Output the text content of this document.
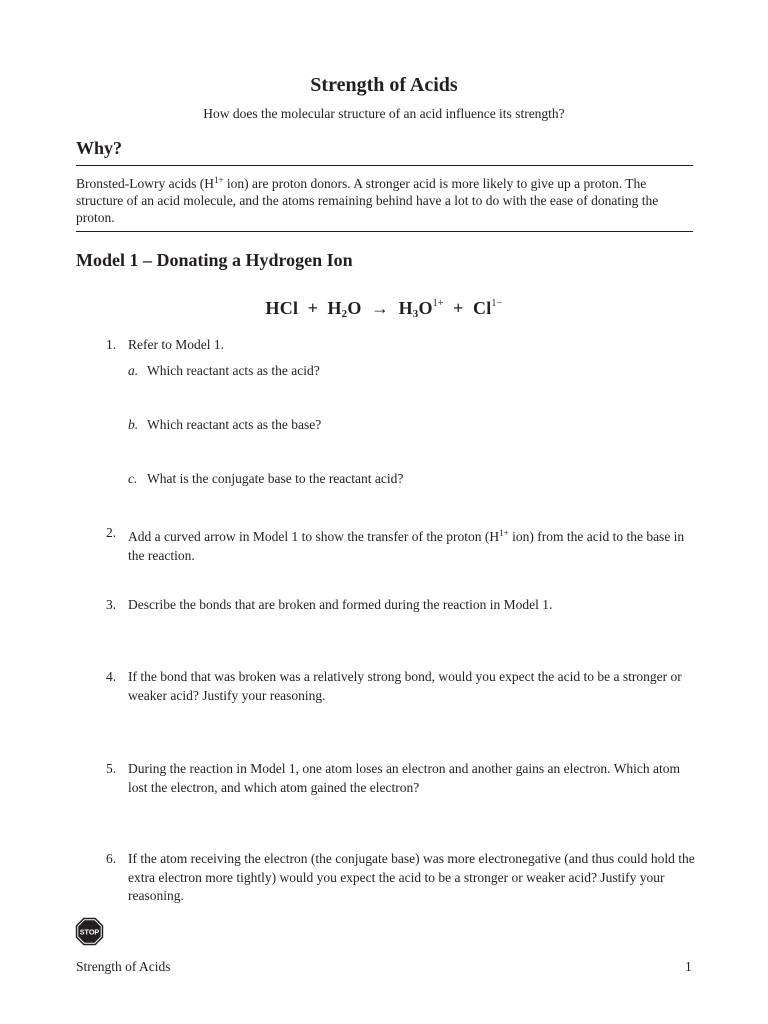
Strength of Acids
How does the molecular structure of an acid influence its strength?
Why?
Bronsted-Lowry acids ($H^{1+}$ ion) are proton donors. A stronger acid is more likely to give up a proton. The structure of an acid molecule, and the atoms remaining behind have a lot to do with the ease of donating the proton.
Model 1 – Donating a Hydrogen Ion
HCl + $H_2O \to H_3O^{1+} + Cl^{1-}$
1. Refer to Model 1.
a. Which reactant acts as the acid?
b. Which reactant acts as the base?
c. What is the conjugate base to the reactant acid?
2. Add a curved arrow in Model 1 to show the transfer of the proton ($H^{1+}$ ion) from the acid to the base in the reaction.
3. Describe the bonds that are broken and formed during the reaction in Model 1.
4. If the bond that was broken was a relatively strong bond, would you expect the acid to be a stronger or weaker acid? Justify your reasoning.
5. During the reaction in Model 1, one atom loses an electron and another gains an electron. Which atom lost the electron, and which atom gained the electron?
6. If the atom receiving the electron (the conjugate base) was more electronegative (and thus could hold the extra electron more tightly) would you expect the acid to be a stronger or weaker acid? Justify your reasoning.
STOP
Strength of Acids	1
